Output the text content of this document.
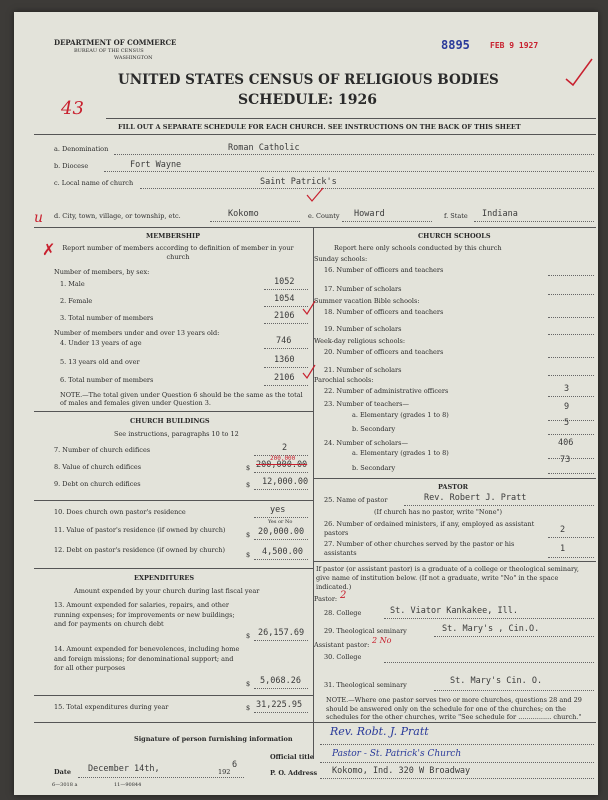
DEPARTMENT OF COMMERCE
BUREAU OF THE CENSUS
WASHINGTON
8895	FEB 9 1927
UNITED STATES CENSUS OF RELIGIOUS BODIES
SCHEDULE: 1926
43
FILL OUT A SEPARATE SCHEDULE FOR EACH CHURCH. SEE INSTRUCTIONS ON THE BACK OF THIS SHEET
a. Denomination	Roman Catholic
b. Diocese	Fort Wayne
c. Local name of church	Saint Patrick's
u d. City, town, village, or township, etc.	Kokomo	e. County Howard	f. State Indiana
MEMBERSHIP
✗	Report number of members according to definition of member in your church
Number of members, by sex:
1. Male	1052
2. Female	1054
3. Total number of members	2106
Number of members under and over 13 years old:
4. Under 13 years of age	746
5. 13 years old and over	1360
6. Total number of members	2106
NOTE.—The total given under Question 6 should be the same as the total of males and females given under Question 3.
CHURCH BUILDINGS
See instructions, paragraphs 10 to 12
7. Number of church edifices	2
200,000
8. Value of church edifices	$ 200,000.00
9. Debt on church edifices	$ 12,000.00
10. Does church own pastor's residence	yes
Yes or No
11. Value of pastor's residence (if owned by church)
$ 20,000.00
12. Debt on pastor's residence (if owned by church)
$ 4,500.00
EXPENDITURES
Amount expended by your church during last fiscal year
13. Amount expended for salaries, repairs, and other running expenses; for improvements or new buildings; and for payments on church debt
$ 26,157.69
14. Amount expended for benevolences, including home and foreign missions; for denominational support; and for all other purposes
$ 5,068.26
15. Total expenditures during year	$ 31,225.95
CHURCH SCHOOLS
Report here only schools conducted by this church
Sunday schools:
16. Number of officers and teachers
17. Number of scholars
Summer vacation Bible schools:
18. Number of officers and teachers
19. Number of scholars
Week-day religious schools:
20. Number of officers and teachers
21. Number of scholars
Parochial schools:
22. Number of administrative officers	3
23. Number of teachers—
a. Elementary (grades 1 to 8)
9
b. Secondary
5
24. Number of scholars—
a. Elementary (grades 1 to 8)
406
b. Secondary
73
PASTOR
25. Name of pastor	Rev. Robert J. Pratt
(If church has no pastor, write "None")
26. Number of ordained ministers, if any, employed as assistant pastors	2
27. Number of other churches served by the pastor or his assistants	1
If pastor (or assistant pastor) is a graduate of a college or theological seminary, give name of institution below. (If not a graduate, write "No" in the space indicated.)
Pastor: 2
28. College	St. Viator Kankakee, Ill.
29. Theological seminary	St. Mary's , Cin.O.
Assistant pastor: 2 No
30. College
31. Theological seminary	St. Mary's Cin. O.
NOTE.—Where one pastor serves two or more churches, questions 28 and 29 should be answered only on the schedule for one of the churches; on the schedules for the other churches, write "See schedule for ................ church."
Signature of person furnishing information
Rev. Robt. J. Pratt
Official title Pastor - St. Patrick's Church
Date December 14th,	192
6
P. O. Address Kokomo, Ind. 320 W Broadway
6—3018 a	11—90844
